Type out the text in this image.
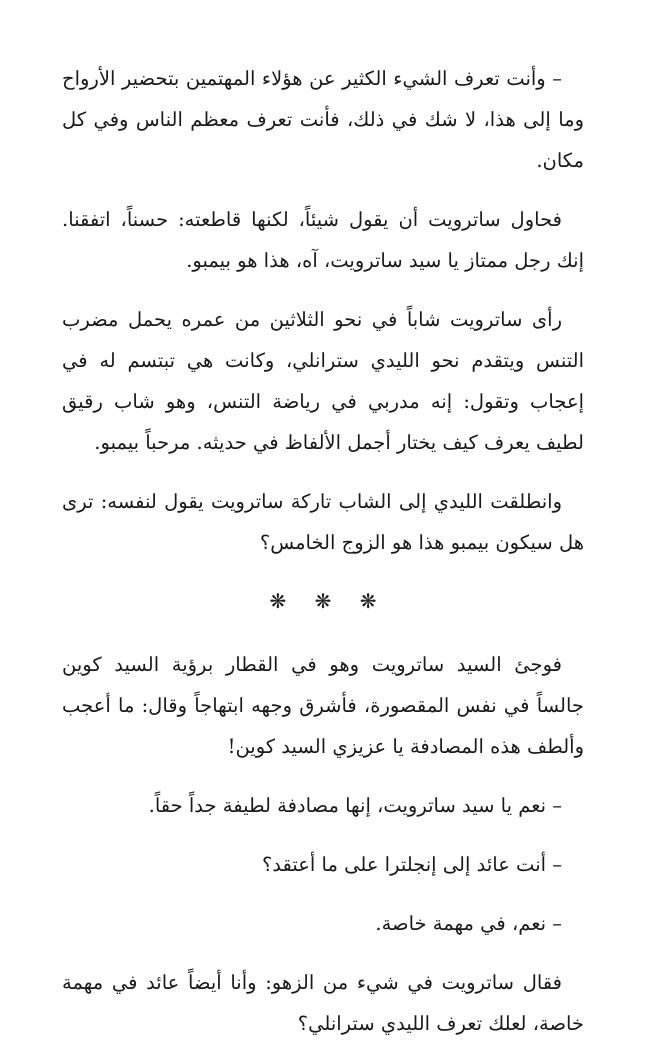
– وأنت تعرف الشيء الكثير عن هؤلاء المهتمين بتحضير الأرواح وما إلى هذا، لا شك في ذلك، فأنت تعرف معظم الناس وفي كل مكان.

فحاول ساترويت أن يقول شيئاً، لكنها قاطعته: حسناً، اتفقنا. إنك رجل ممتاز يا سيد ساترويت، آه، هذا هو بيمبو.

رأى ساترويت شاباً في نحو الثلاثين من عمره يحمل مضرب التنس ويتقدم نحو الليدي سترانلي، وكانت هي تبتسم له في إعجاب وتقول: إنه مدربي في رياضة التنس، وهو شاب رقيق لطيف يعرف كيف يختار أجمل الألفاظ في حديثه. مرحباً بيمبو.

وانطلقت الليدي إلى الشاب تاركة ساترويت يقول لنفسه: ترى هل سيكون بيمبو هذا هو الزوج الخامس؟

❋ ❋ ❋

فوجئ السيد ساترويت وهو في القطار برؤية السيد كوين جالساً في نفس المقصورة، فأشرق وجهه ابتهاجاً وقال: ما أعجب وألطف هذه المصادفة يا عزيزي السيد كوين!

– نعم يا سيد ساترويت، إنها مصادفة لطيفة جداً حقاً.

– أنت عائد إلى إنجلترا على ما أعتقد؟

– نعم، في مهمة خاصة.

فقال ساترويت في شيء من الزهو: وأنا أيضاً عائد في مهمة خاصة، لعلك تعرف الليدي سترانلي؟
